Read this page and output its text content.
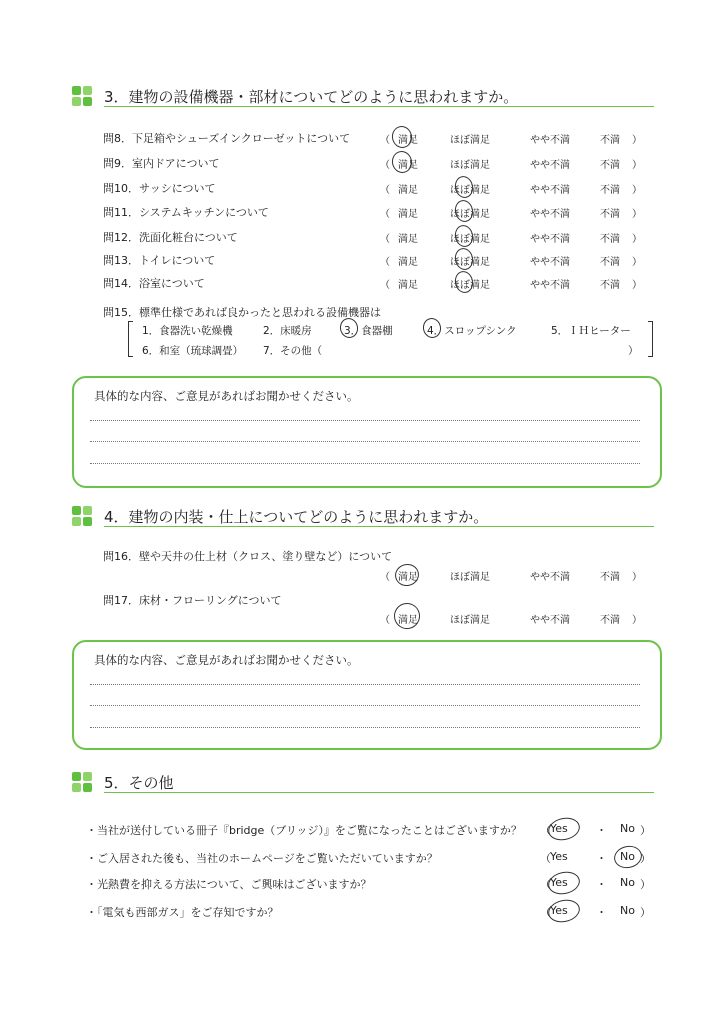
3．建物の設備機器・部材についてどのように思われますか。
問8．下足箱やシューズインクローゼットについて	（ 満足	ほぼ満足	やや不満	不満 ）
問9．室内ドアについて	（ 満足	ほぼ満足	やや不満	不満 ）
問10．サッシについて	（ 満足	ほぼ満足	やや不満	不満 ）
問11．システムキッチンについて	（ 満足	ほぼ満足	やや不満	不満 ）
問12．洗面化粧台について	（ 満足	ほぼ満足	やや不満	不満 ）
問13．トイレについて	（ 満足	ほぼ満足	やや不満	不満 ）
問14．浴室について	（ 満足	ほぼ満足	やや不満	不満 ）
問15．標準仕様であれば良かったと思われる設備機器は
1．食器洗い乾燥機	2．床暖房	3．食器棚	4．スロップシンク	5．ＩＨヒーター
6．和室（琉球調畳） 7．その他（	）
具体的な内容、ご意見があればお聞かせください。
4．建物の内装・仕上についてどのように思われますか。
問16．壁や天井の仕上材（クロス、塗り壁など）について
（ 満足	ほぼ満足	やや不満	不満 ）
問17．床材・フローリングについて
（ 満足	ほぼ満足	やや不満	不満 ）
具体的な内容、ご意見があればお聞かせください。
5．その他
・当社が送付している冊子『bridge（ブリッジ）』をご覧になったことはございますか？ （ Yes	・ No ）
・ご入居された後も、当社のホームページをご覧いただいていますか？	（ Yes	・ No ）
・光熱費を抑える方法について、ご興味はございますか？	（ Yes	・ No ）
・「電気も西部ガス」をご存知ですか？	（ Yes	・ No ）
